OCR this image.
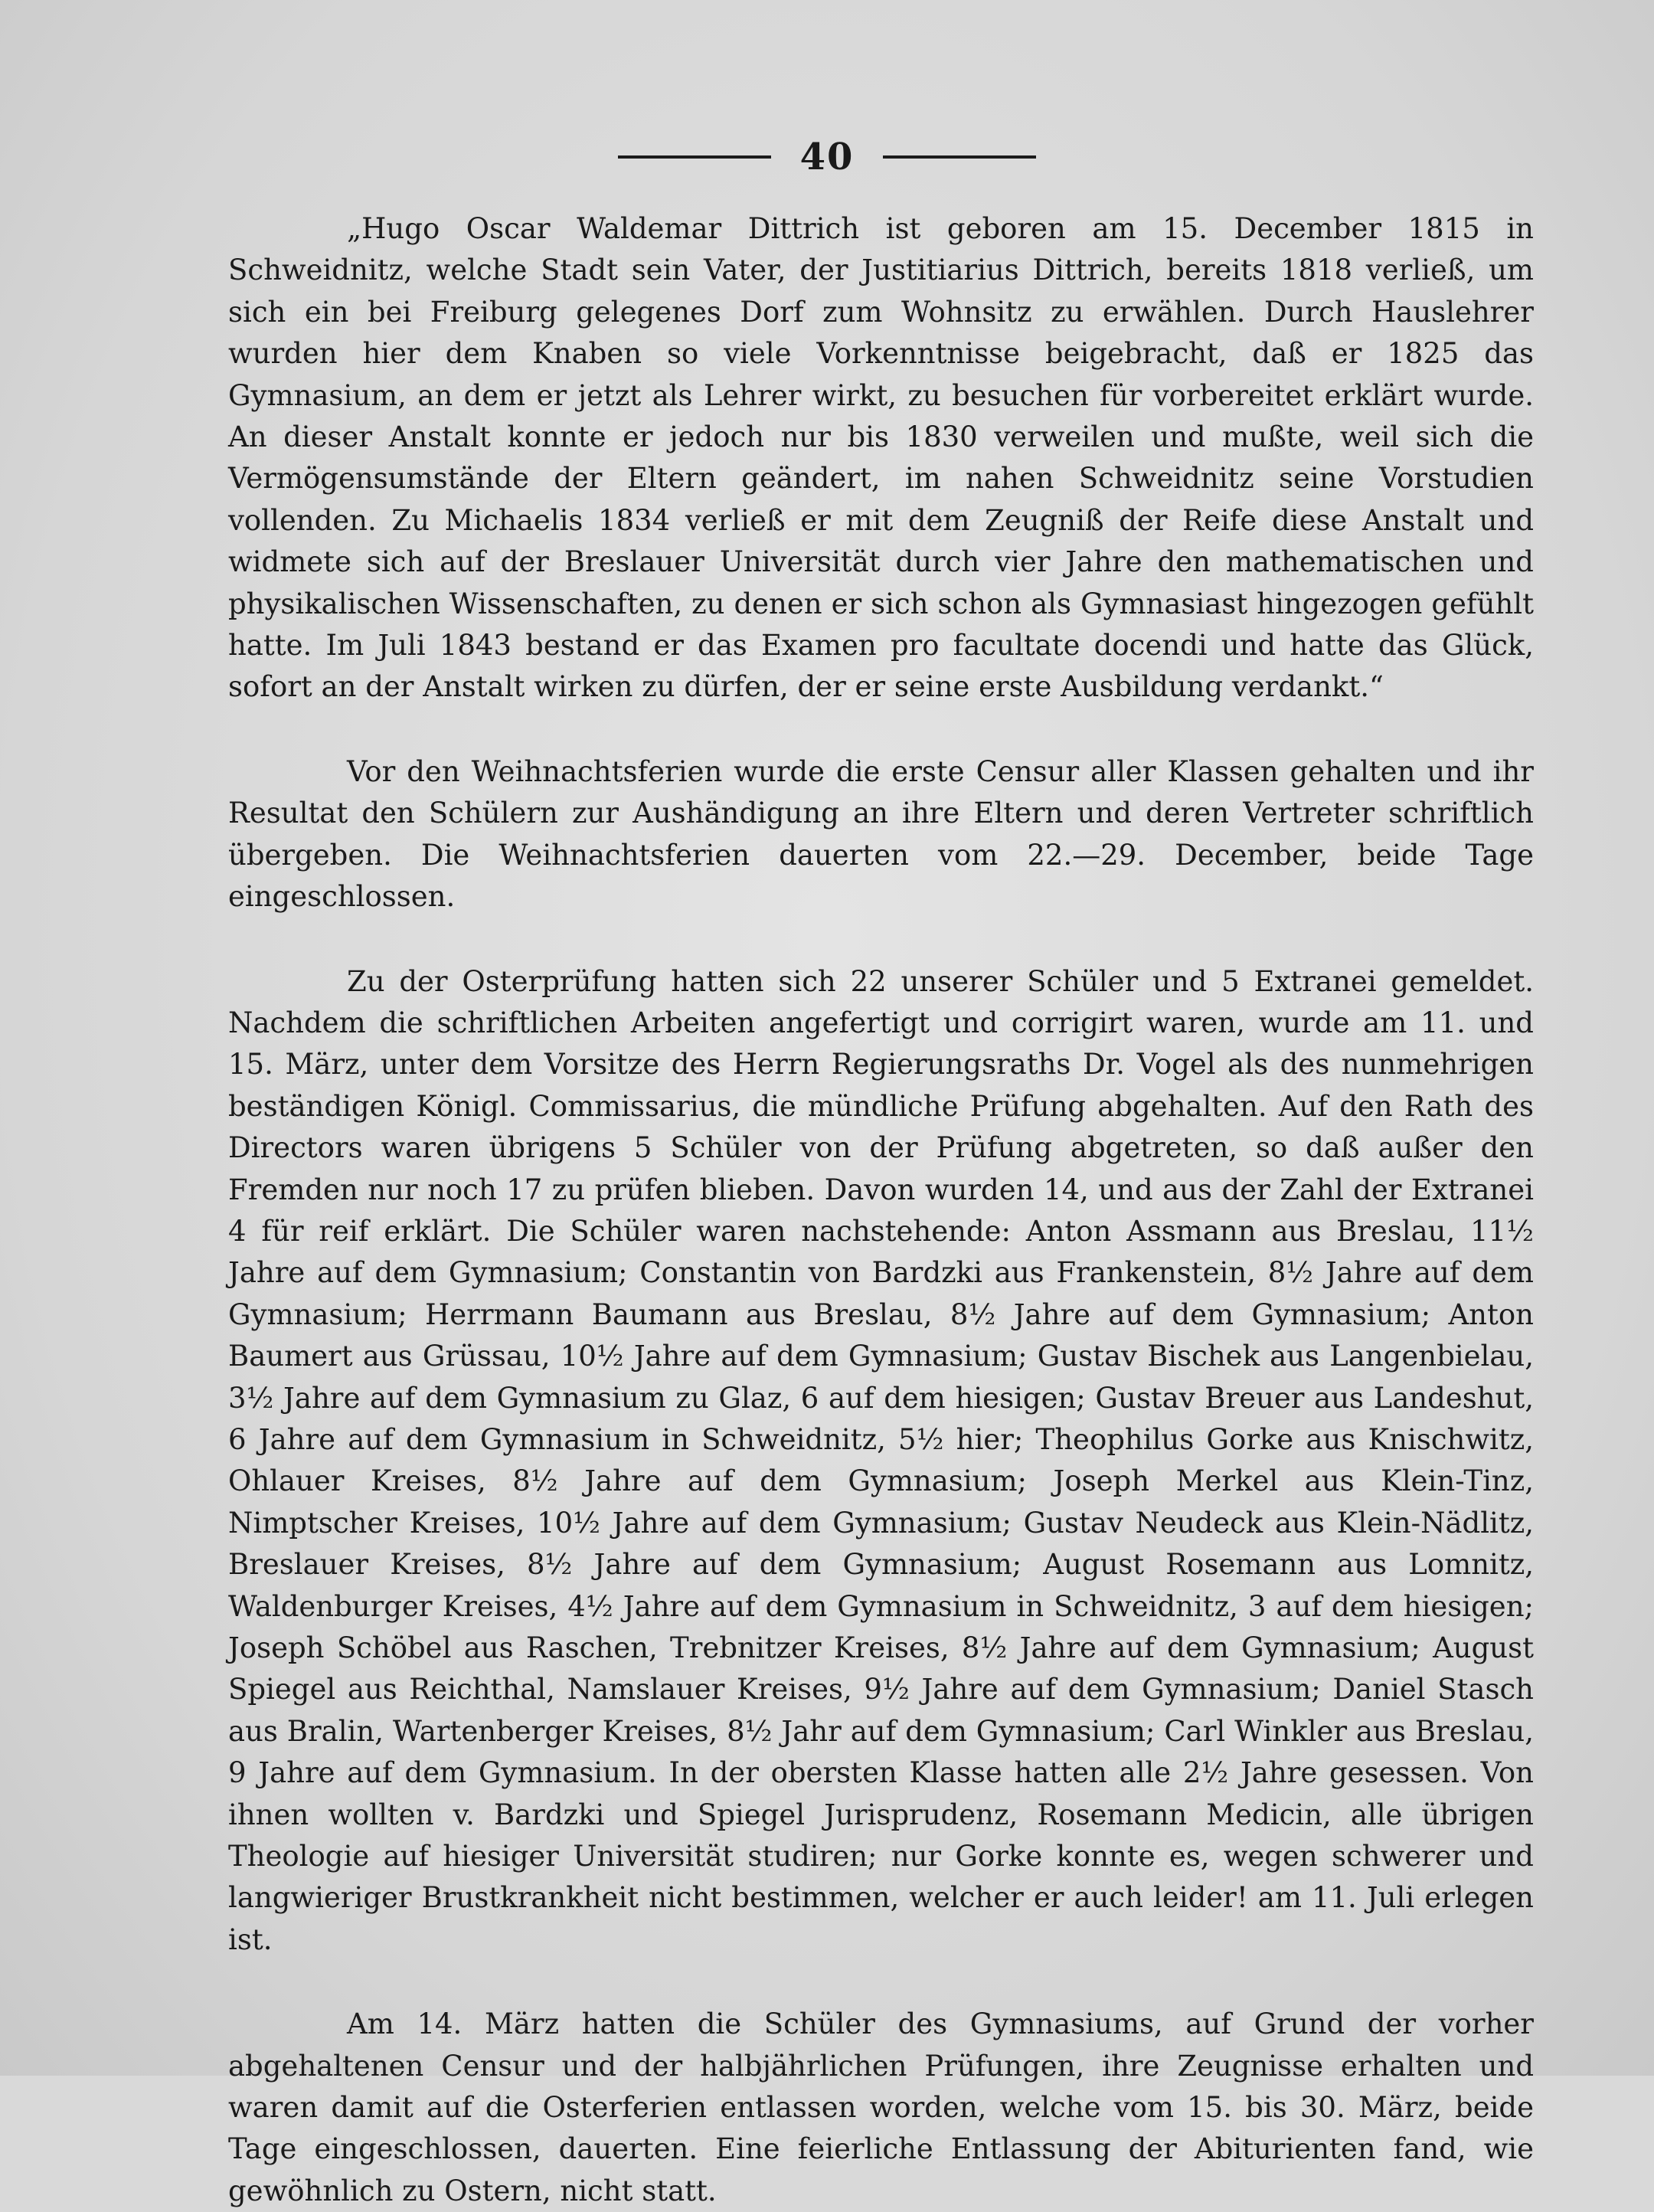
40

„Hugo Oscar Waldemar Dittrich ist geboren am 15. December 1815 in Schweidnitz, welche Stadt sein Vater, der Justitiarius Dittrich, bereits 1818 verließ, um sich ein bei Freiburg gelegenes Dorf zum Wohnsitz zu erwählen. Durch Hauslehrer wurden hier dem Knaben so viele Vorkenntnisse beigebracht, daß er 1825 das Gymnasium, an dem er jetzt als Lehrer wirkt, zu besuchen für vorbereitet erklärt wurde. An dieser Anstalt konnte er jedoch nur bis 1830 verweilen und mußte, weil sich die Vermögensumstände der Eltern geändert, im nahen Schweidnitz seine Vorstudien vollenden. Zu Michaelis 1834 verließ er mit dem Zeugniß der Reife diese Anstalt und widmete sich auf der Breslauer Universität durch vier Jahre den mathematischen und physikalischen Wissenschaften, zu denen er sich schon als Gymnasiast hingezogen gefühlt hatte. Im Juli 1843 bestand er das Examen pro facultate docendi und hatte das Glück, sofort an der Anstalt wirken zu dürfen, der er seine erste Ausbildung verdankt.“

Vor den Weihnachtsferien wurde die erste Censur aller Klassen gehalten und ihr Resultat den Schülern zur Aushändigung an ihre Eltern und deren Vertreter schriftlich übergeben. Die Weihnachtsferien dauerten vom 22.—29. December, beide Tage eingeschlossen.

Zu der Osterprüfung hatten sich 22 unserer Schüler und 5 Extranei gemeldet. Nachdem die schriftlichen Arbeiten angefertigt und corrigirt waren, wurde am 11. und 15. März, unter dem Vorsitze des Herrn Regierungsraths Dr. Vogel als des nunmehrigen beständigen Königl. Commissarius, die mündliche Prüfung abgehalten. Auf den Rath des Directors waren übrigens 5 Schüler von der Prüfung abgetreten, so daß außer den Fremden nur noch 17 zu prüfen blieben. Davon wurden 14, und aus der Zahl der Extranei 4 für reif erklärt. Die Schüler waren nachstehende: Anton Assmann aus Breslau, 11½ Jahre auf dem Gymnasium; Constantin von Bardzki aus Frankenstein, 8½ Jahre auf dem Gymnasium; Herrmann Baumann aus Breslau, 8½ Jahre auf dem Gymnasium; Anton Baumert aus Grüssau, 10½ Jahre auf dem Gymnasium; Gustav Bischek aus Langenbielau, 3½ Jahre auf dem Gymnasium zu Glaz, 6 auf dem hiesigen; Gustav Breuer aus Landeshut, 6 Jahre auf dem Gymnasium in Schweidnitz, 5½ hier; Theophilus Gorke aus Knischwitz, Ohlauer Kreises, 8½ Jahre auf dem Gymnasium; Joseph Merkel aus Klein-Tinz, Nimptscher Kreises, 10½ Jahre auf dem Gymnasium; Gustav Neudeck aus Klein-Nädlitz, Breslauer Kreises, 8½ Jahre auf dem Gymnasium; August Rosemann aus Lomnitz, Waldenburger Kreises, 4½ Jahre auf dem Gymnasium in Schweidnitz, 3 auf dem hiesigen; Joseph Schöbel aus Raschen, Trebnitzer Kreises, 8½ Jahre auf dem Gymnasium; August Spiegel aus Reichthal, Namslauer Kreises, 9½ Jahre auf dem Gymnasium; Daniel Stasch aus Bralin, Wartenberger Kreises, 8½ Jahr auf dem Gymnasium; Carl Winkler aus Breslau, 9 Jahre auf dem Gymnasium. In der obersten Klasse hatten alle 2½ Jahre gesessen. Von ihnen wollten v. Bardzki und Spiegel Jurisprudenz, Rosemann Medicin, alle übrigen Theologie auf hiesiger Universität studiren; nur Gorke konnte es, wegen schwerer und langwieriger Brustkrankheit nicht bestimmen, welcher er auch leider! am 11. Juli erlegen ist.

Am 14. März hatten die Schüler des Gymnasiums, auf Grund der vorher abgehaltenen Censur und der halbjährlichen Prüfungen, ihre Zeugnisse erhalten und waren damit auf die Osterferien entlassen worden, welche vom 15. bis 30. März, beide Tage eingeschlossen, dauerten. Eine feierliche Entlassung der Abiturienten fand, wie gewöhnlich zu Ostern, nicht statt.
